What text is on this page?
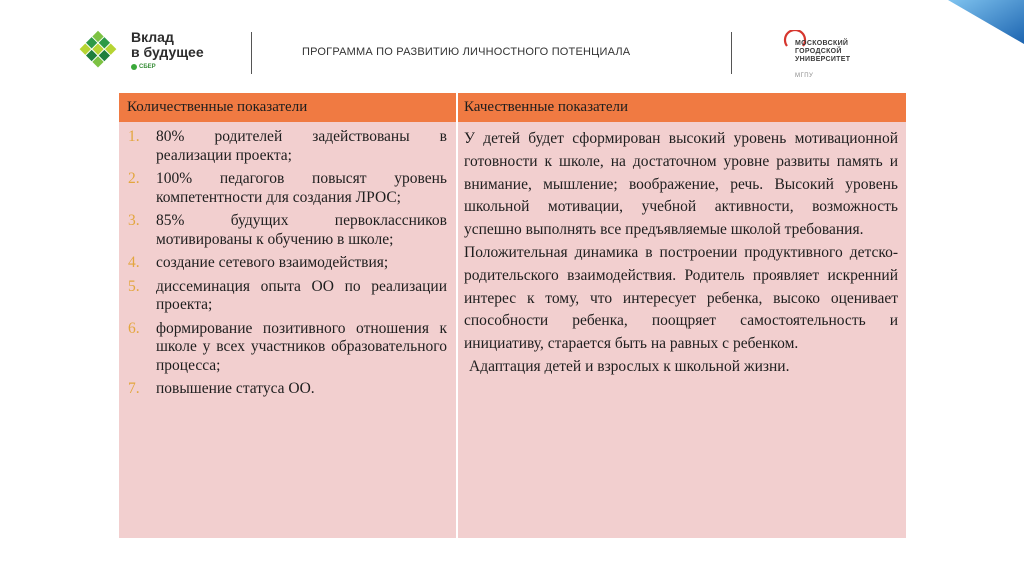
Вклад
в будущее
СБЕР
ПРОГРАММА ПО РАЗВИТИЮ ЛИЧНОСТНОГО ПОТЕНЦИАЛА
МОСКОВСКИЙ
ГОРОДСКОЙ
УНИВЕРСИТЕТ
МГПУ
Количественные показатели	Качественные показатели
1. 80% родителей задействованы в реализации проекта;
2. 100% педагогов повысят уровень компетентности для создания ЛРОС;
3. 85% будущих первоклассников мотивированы к обучению в школе;
4. создание сетевого взаимодействия;
5. диссеминация опыта ОО по реализации проекта;
6. формирование позитивного отношения к школе у всех участников образовательного процесса;
7. повышение статуса ОО.

У детей будет сформирован высокий уровень мотивационной готовности к школе, на достаточном уровне развиты память и внимание, мышление; воображение, речь. Высокий уровень школьной мотивации, учебной активности, возможность успешно выполнять все предъявляемые школой требования.

Положительная динамика в построении продуктивного детско-родительского взаимодействия. Родитель проявляет искренний интерес к тому, что интересует ребенка, высоко оценивает способности ребенка, поощряет самостоятельность и инициативу, старается быть на равных с ребенком.

Адаптация детей и взрослых к школьной жизни.
